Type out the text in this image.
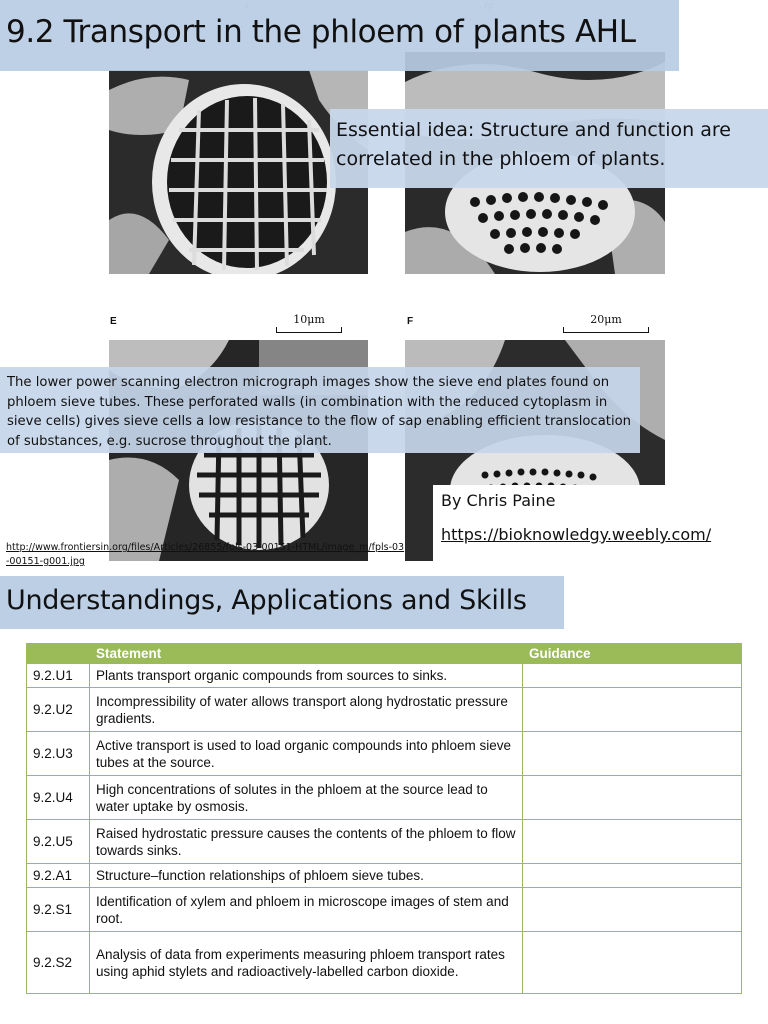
E	F
10μm	20μm
9.2 Transport in the phloem of plants AHL
Essential idea: Structure and function are correlated in the phloem of plants.
The lower power scanning electron micrograph images show the sieve end plates found on phloem sieve tubes. These perforated walls (in combination with the reduced cytoplasm in sieve cells) gives sieve cells a low resistance to the flow of sap enabling efficient translocation of substances, e.g. sucrose throughout the plant.
By Chris Paine
https://bioknowledgy.weebly.com/
http://www.frontiersin.org/files/Articles/26855/fpls-03-00151-HTML/image_m/fpls-03-00151-g001.jpg
Understandings, Applications and Skills
	Statement	Guidance
9.2.U1	Plants transport organic compounds from sources to sinks.	
9.2.U2	Incompressibility of water allows transport along hydrostatic pressure gradients.	
9.2.U3	Active transport is used to load organic compounds into phloem sieve tubes at the source.	
9.2.U4	High concentrations of solutes in the phloem at the source lead to water uptake by osmosis.	
9.2.U5	Raised hydrostatic pressure causes the contents of the phloem to flow towards sinks.	
9.2.A1	Structure–function relationships of phloem sieve tubes.	
9.2.S1	Identification of xylem and phloem in microscope images of stem and root.	
9.2.S2	Analysis of data from experiments measuring phloem transport rates using aphid stylets and radioactively-labelled carbon dioxide.	
